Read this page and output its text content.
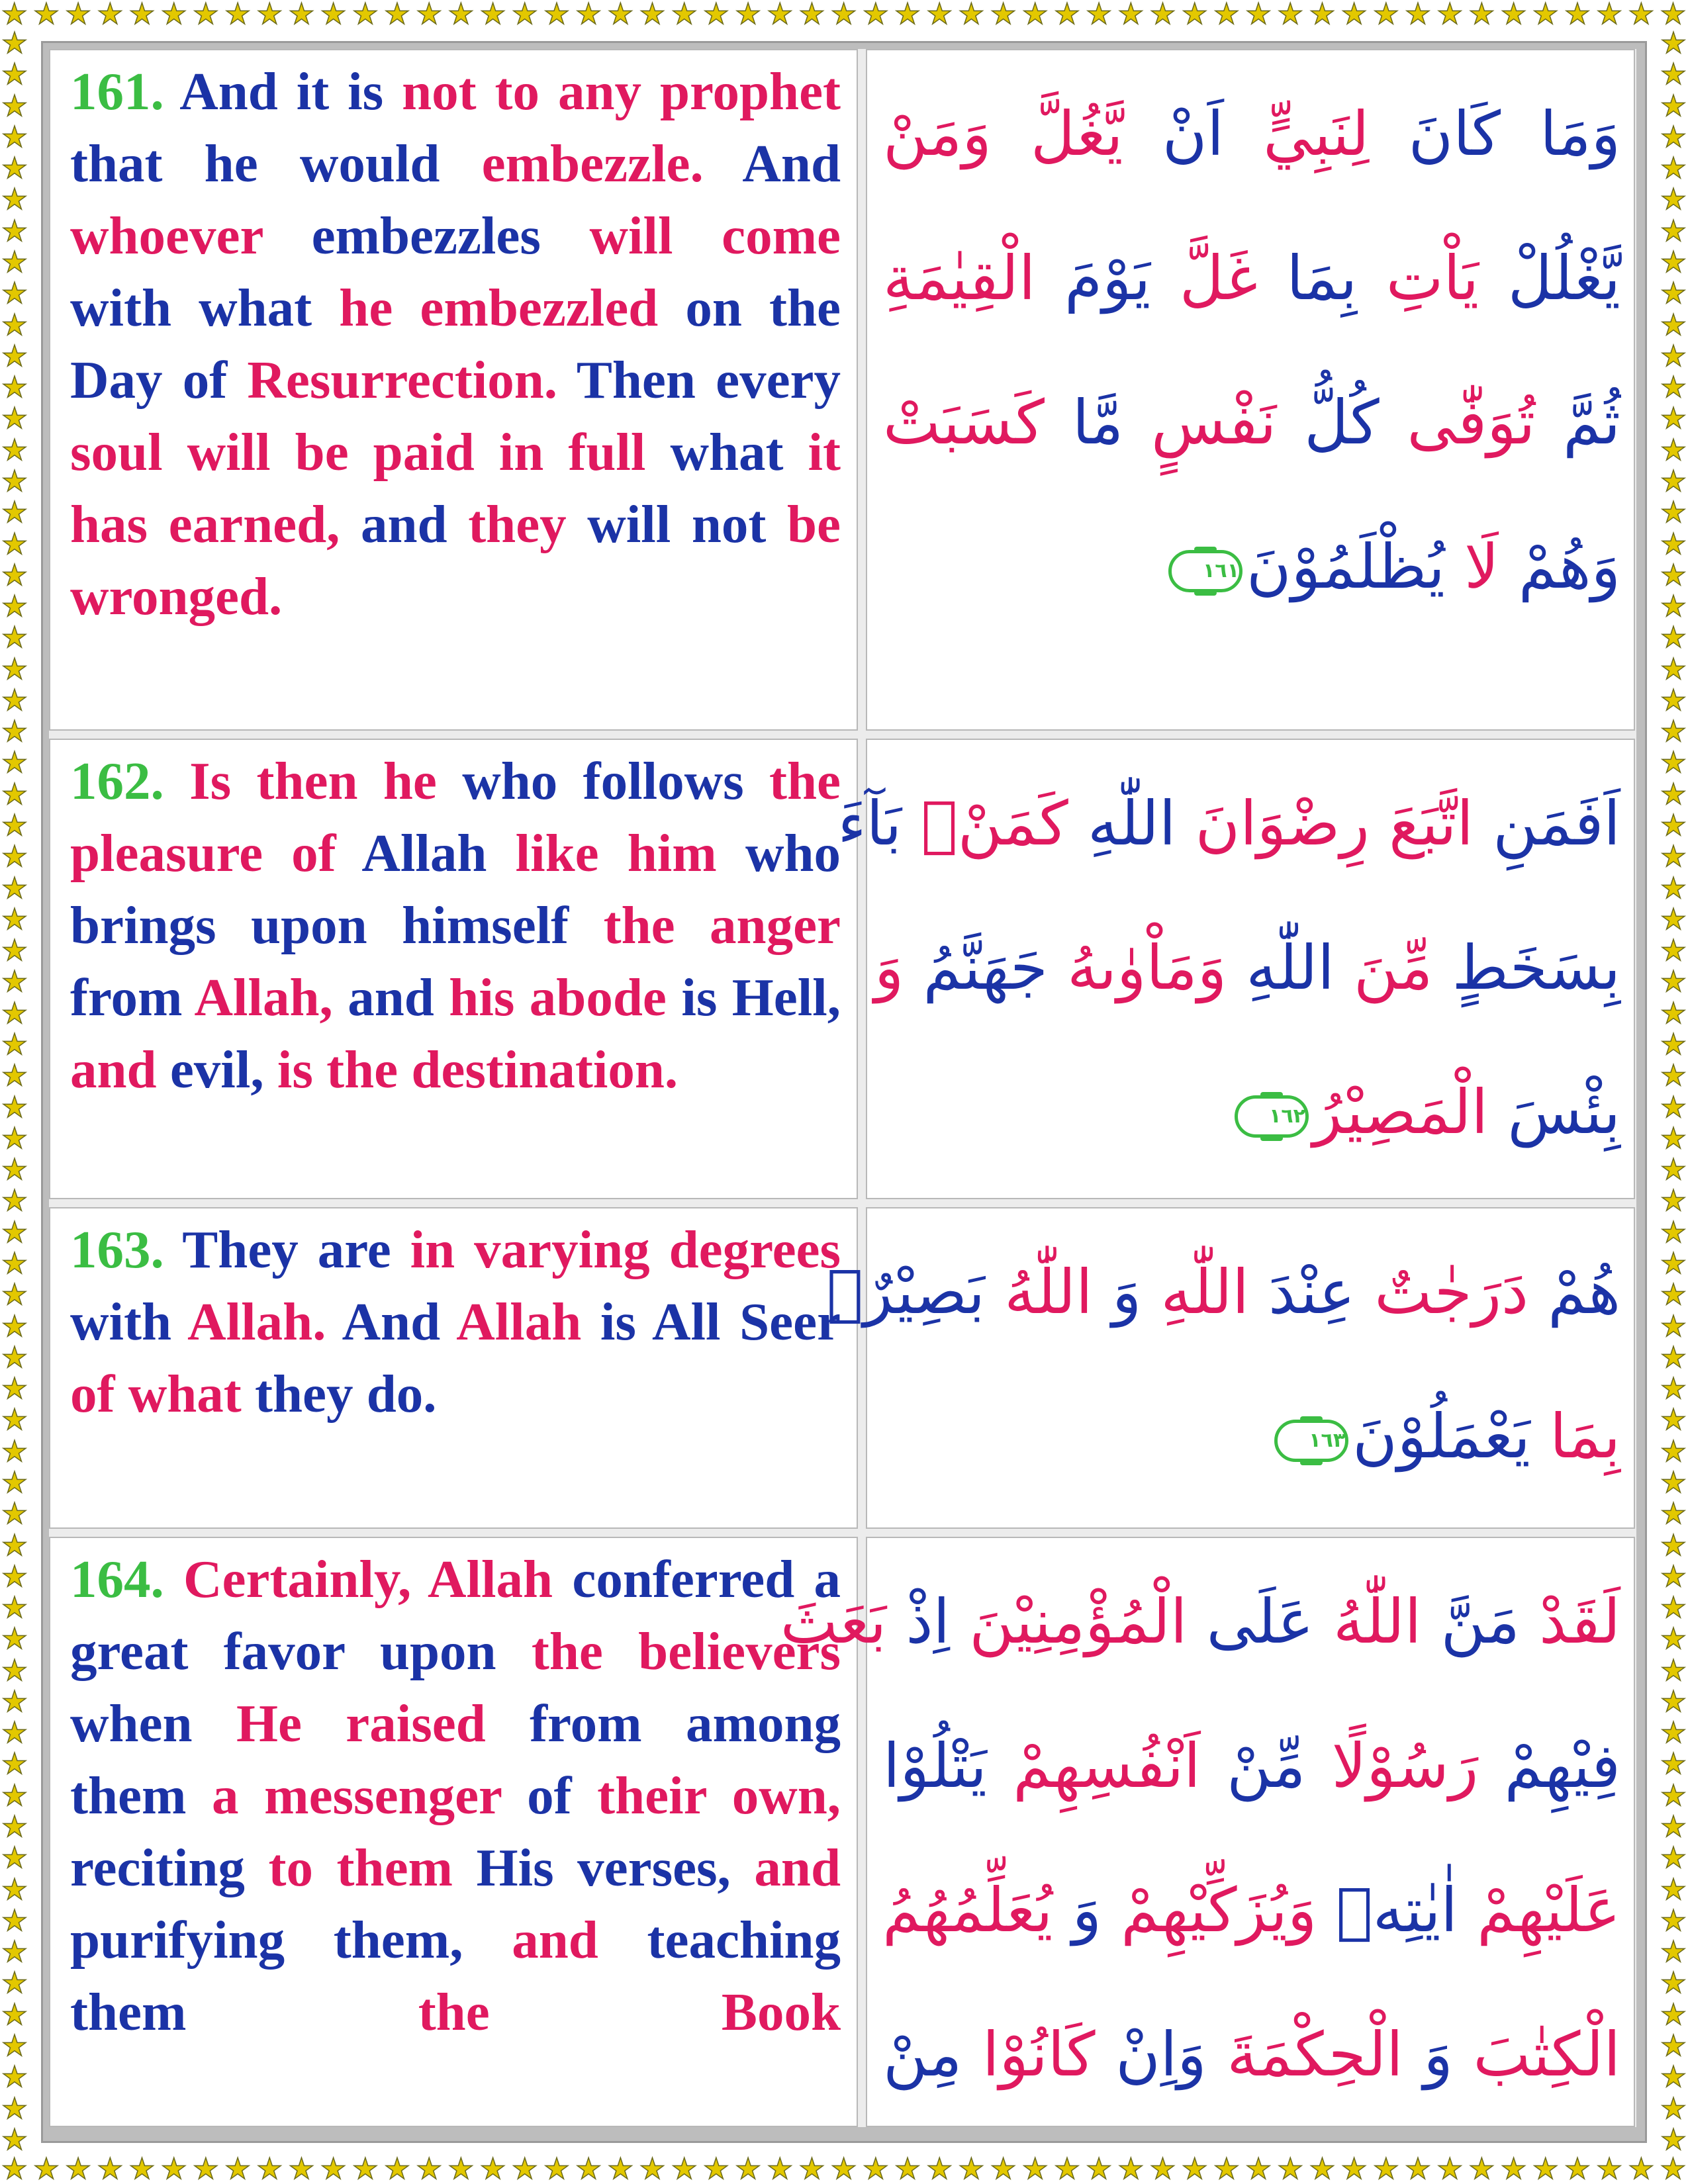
★ ★ ★ ★ ★ ★ ★ ★ ★ ★ ★ ★ ★ ★ ★ ★ ★ ★ ★ ★ ★ ★ ★ ★ ★ ★ ★ ★ ★ ★ ★ ★ ★ ★ ★ ★ ★ ★ ★ ★ ★ ★ ★ ★ ★ ★ ★ ★ ★ ★ ★ ★ ★
★ ★ ★ ★ ★ ★ ★ ★ ★ ★ ★ ★ ★ ★ ★ ★ ★ ★ ★ ★ ★ ★ ★ ★ ★ ★ ★ ★ ★ ★ ★ ★ ★ ★ ★ ★ ★ ★ ★ ★ ★ ★ ★ ★ ★ ★ ★ ★ ★ ★ ★ ★ ★
★
★
★
★
★
★
★
★
★
★
★
★
★
★
★
★
★
★
★
★
★
★
★
★
★
★
★
★
★
★
★
★
★
★
★
★
★
★
★
★
★
★
★
★
★
★
★
★
★
★
★
★
★
★
★
★
★
★
★
★
★
★
★
★
★
★
★
★
★
★
★
★
★
★
★
★
★
★
★
★
★
★
★
★
★
★
★
★
★
★
★
★
★
★
★
★
★
★
★
★
★
★
★
★
★
★
★
★
★
★
★
★
★
★
★
★
★
★
★
★
★
★
★
★
★
★
★
★
★
★
★
★
★
★
★
★
161. And it is not to any prophet that he would embezzle. And whoever embezzles will come with what he embezzled on the Day of Resurrection. Then every soul will be paid in full what it has earned, and they will not be wronged.
وَمَا كَانَ لِنَبِيٍّ اَنْ يَّغُلَّ وَمَنْ
يَّغْلُلْ يَاْتِ بِمَا غَلَّ يَوْمَ الْقِيٰمَةِ
ثُمَّ تُوَفّٰى كُلُّ نَفْسٍ مَّا كَسَبَتْ
وَهُمْ لَا يُظْلَمُوْنَ١٦١
162. Is then he who follows the pleasure of Allah like him who brings upon himself the anger from Allah, and his abode is Hell, and evil, is the destination.
اَفَمَنِ اتَّبَعَ رِضْوَانَ اللّٰهِ كَمَنْۢ بَآءَ
بِسَخَطٍ مِّنَ اللّٰهِ وَمَاْوٰىهُ جَهَنَّمُ وَ
بِئْسَ الْمَصِيْرُ١٦٢
163. They are in varying degrees with Allah. And Allah is All Seer of what they do.
هُمْ دَرَجٰتٌ عِنْدَ اللّٰهِ وَ اللّٰهُ بَصِيْرٌۢ
بِمَا يَعْمَلُوْنَ١٦٣
164. Certainly, Allah conferred a great favor upon the believers when He raised from among them a messenger of their own, reciting to them His verses, and purifying them, and teaching them the Book
لَقَدْ مَنَّ اللّٰهُ عَلَى الْمُؤْمِنِيْنَ اِذْ بَعَثَ
فِيْهِمْ رَسُوْلًا مِّنْ اَنْفُسِهِمْ يَتْلُوْا
عَلَيْهِمْ اٰيٰتِهٖ وَيُزَكِّيْهِمْ وَ يُعَلِّمُهُمُ
الْكِتٰبَ وَ الْحِكْمَةَ وَاِنْ كَانُوْا مِنْ
